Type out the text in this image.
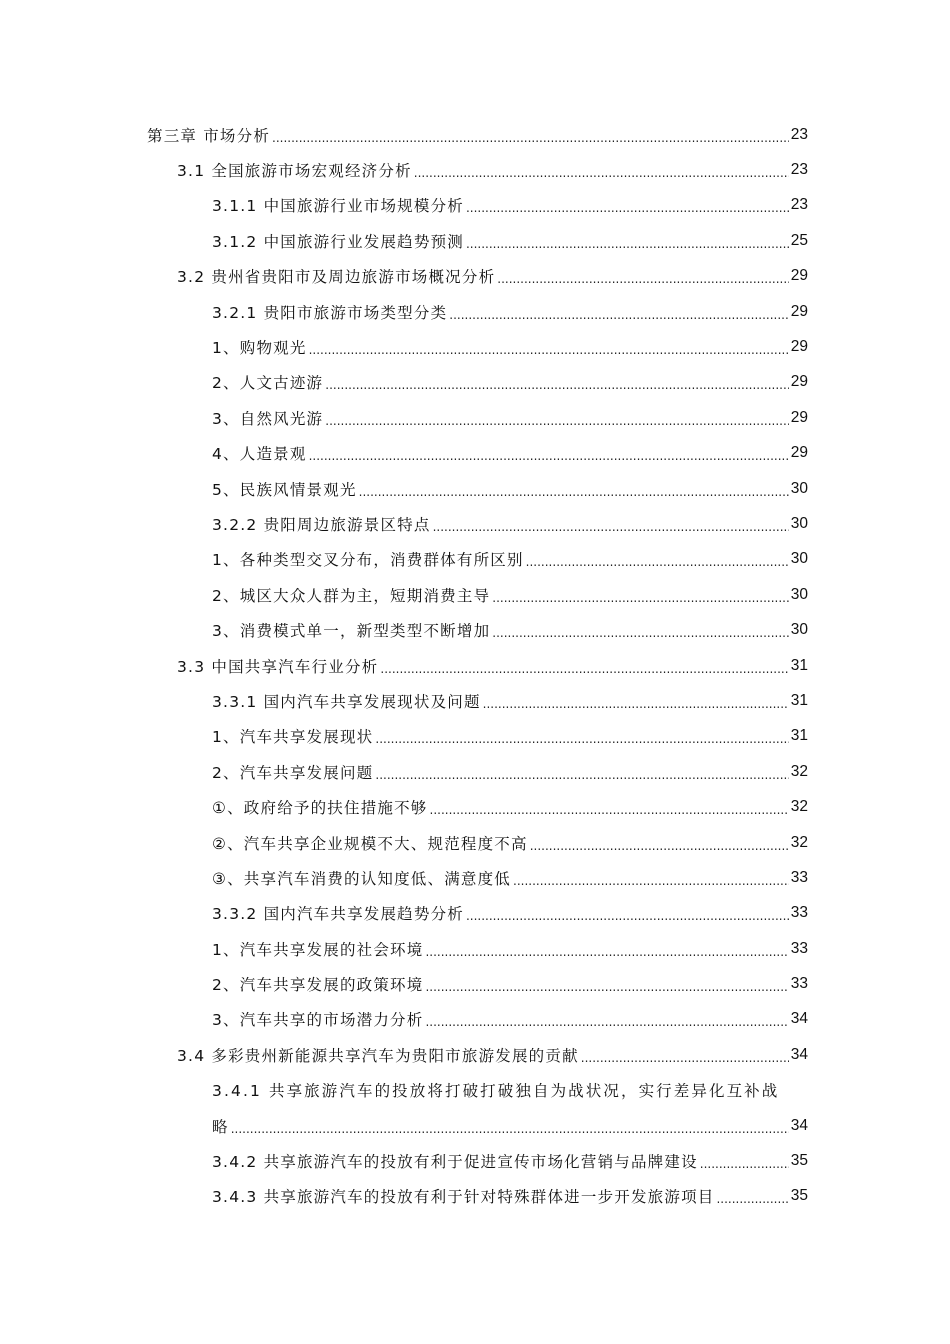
第三章 市场分析 .....	23
3.1 全国旅游市场宏观经济分析 .....	23
3.1.1 中国旅游行业市场规模分析 .....	23
3.1.2 中国旅游行业发展趋势预测 .....	25
3.2 贵州省贵阳市及周边旅游市场概况分析 .....	29
3.2.1 贵阳市旅游市场类型分类 .....	29
1、购物观光 .....	29
2、人文古迹游 .....	29
3、自然风光游 .....	29
4、人造景观 .....	29
5、民族风情景观光 .....	30
3.2.2 贵阳周边旅游景区特点 .....	30
1、各种类型交叉分布，消费群体有所区别 .....	30
2、城区大众人群为主，短期消费主导 .....	30
3、消费模式单一，新型类型不断增加 .....	30
3.3 中国共享汽车行业分析 .....	31
3.3.1 国内汽车共享发展现状及问题 .....	31
1、汽车共享发展现状 .....	31
2、汽车共享发展问题 .....	32
①、政府给予的扶住措施不够 .....	32
②、汽车共享企业规模不大、规范程度不高 .....	32
③、共享汽车消费的认知度低、满意度低 .....	33
3.3.2 国内汽车共享发展趋势分析 .....	33
1、汽车共享发展的社会环境 .....	33
2、汽车共享发展的政策环境 .....	33
3、汽车共享的市场潜力分析 .....	34
3.4 多彩贵州新能源共享汽车为贵阳市旅游发展的贡献 .....	34
3.4.1 共享旅游汽车的投放将打破打破独自为战状况，实行差异化互补战
略 .....	34
3.4.2 共享旅游汽车的投放有利于促进宣传市场化营销与品牌建设 .....	35
3.4.3 共享旅游汽车的投放有利于针对特殊群体进一步开发旅游项目 .....	35
